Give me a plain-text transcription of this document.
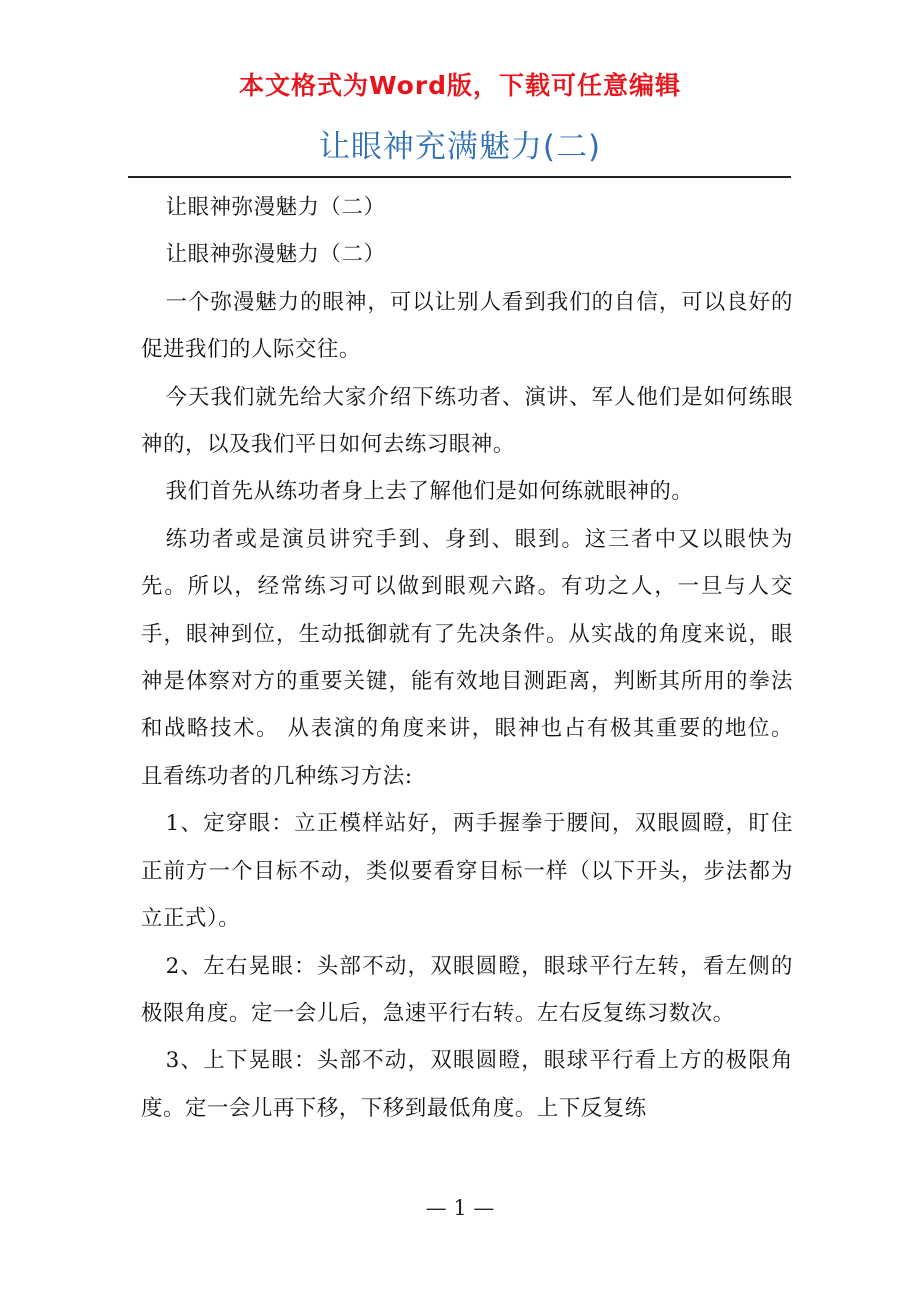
本文格式为Word版，下载可任意编辑
让眼神充满魅力(二)

让眼神弥漫魅力（二）

让眼神弥漫魅力（二）

一个弥漫魅力的眼神，可以让别人看到我们的自信，可以良好的促进我们的人际交往。

今天我们就先给大家介绍下练功者、演讲、军人他们是如何练眼神的，以及我们平日如何去练习眼神。

我们首先从练功者身上去了解他们是如何练就眼神的。

练功者或是演员讲究手到、身到、眼到。这三者中又以眼快为先。所以，经常练习可以做到眼观六路。有功之人，一旦与人交手，眼神到位，生动抵御就有了先决条件。从实战的角度来说，眼神是体察对方的重要关键，能有效地目测距离，判断其所用的拳法和战略技术。 从表演的角度来讲，眼神也占有极其重要的地位。 且看练功者的几种练习方法:

1、定穿眼：立正模样站好，两手握拳于腰间，双眼圆瞪，盯住正前方一个目标不动，类似要看穿目标一样（以下开头，步法都为立正式）。

2、左右晃眼：头部不动，双眼圆瞪，眼球平行左转，看左侧的极限角度。定一会儿后，急速平行右转。左右反复练习数次。

3、上下晃眼：头部不动，双眼圆瞪，眼球平行看上方的极限角度。定一会儿再下移，下移到最低角度。上下反复练

— 1 —
